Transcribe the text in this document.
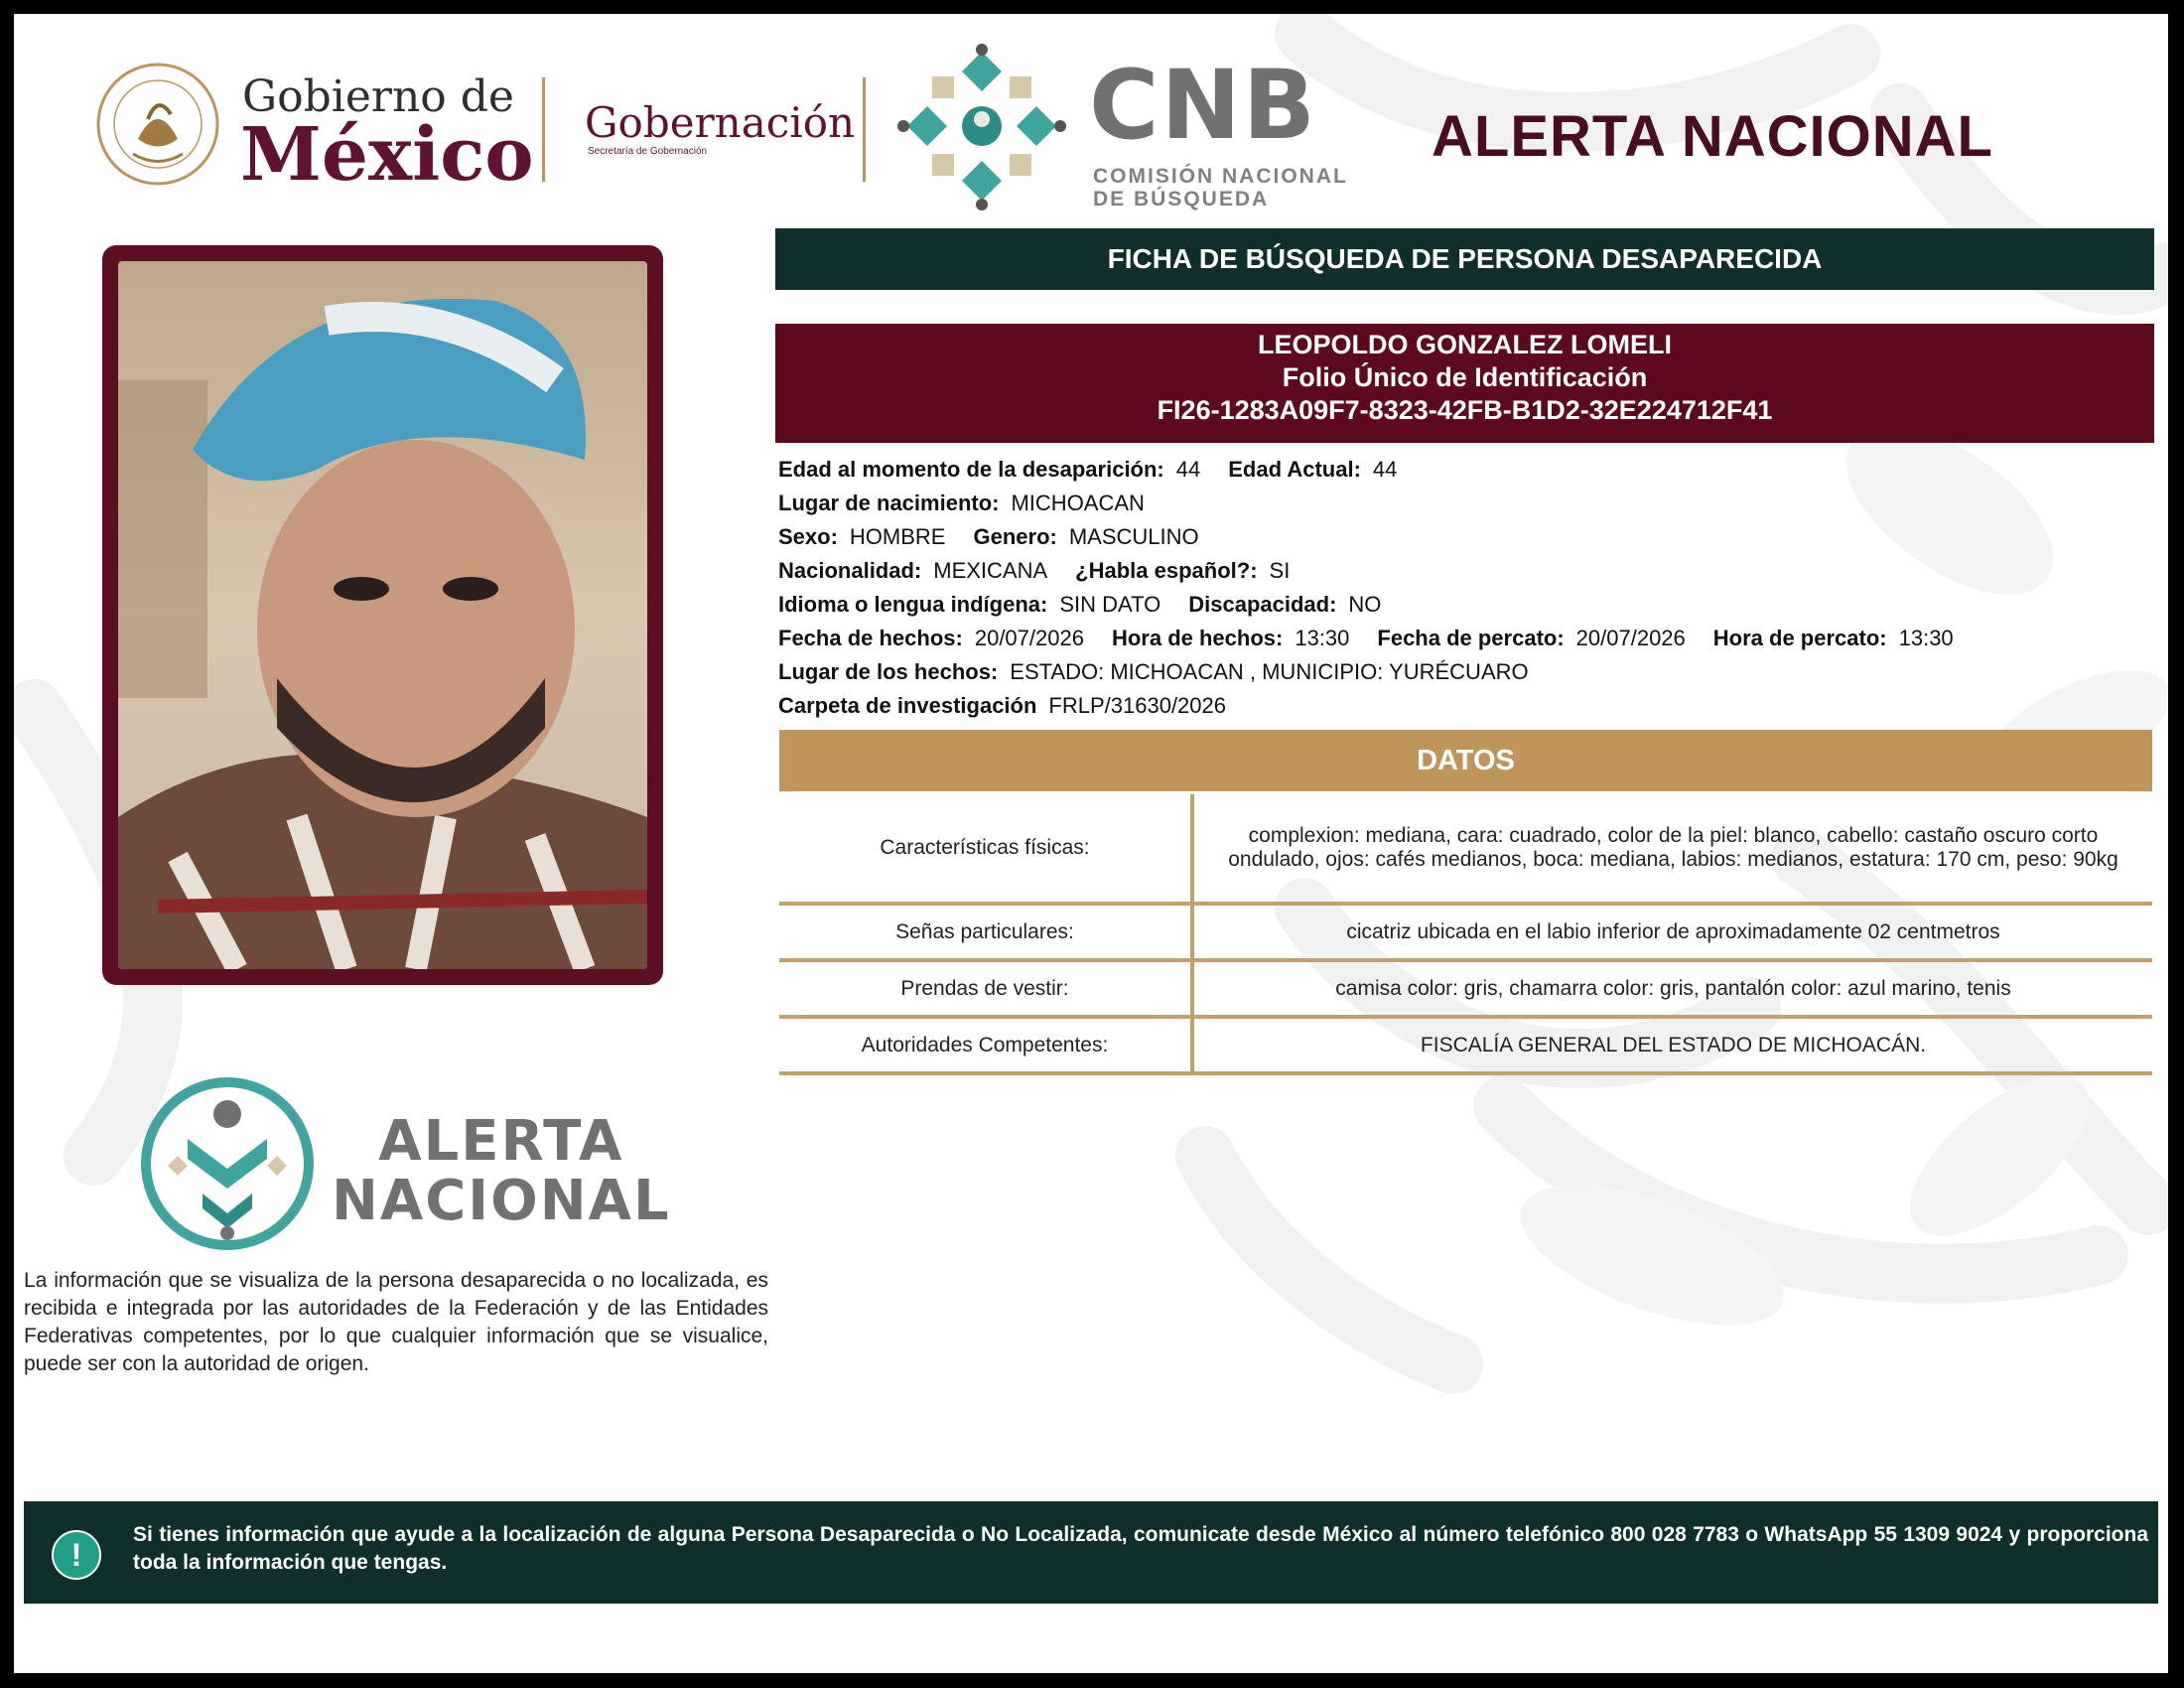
Gobierno de
México Gobernación
Secretaría de Gobernación	CNB
COMISIÓN NACIONAL
DE BÚSQUEDA
ALERTA NACIONAL
FICHA DE BÚSQUEDA DE PERSONA DESAPARECIDA
LEOPOLDO GONZALEZ LOMELI
Folio Único de Identificación
FI26-1283A09F7-8323-42FB-B1D2-32E224712F41
Edad al momento de la desaparición: 44 Edad Actual: 44
Lugar de nacimiento: MICHOACAN
Sexo: HOMBRE Genero: MASCULINO
Nacionalidad: MEXICANA ¿Habla español?: SI
Idioma o lengua indígena: SIN DATO Discapacidad: NO
Fecha de hechos: 20/07/2026 Hora de hechos: 13:30 Fecha de percato: 20/07/2026 Hora de percato: 13:30
Lugar de los hechos: ESTADO: MICHOACAN , MUNICIPIO: YURÉCUARO
Carpeta de investigación FRLP/31630/2026
DATOS
Características físicas:	complexion: mediana, cara: cuadrado, color de la piel: blanco, cabello: castaño oscuro corto ondulado, ojos: cafés medianos, boca: mediana, labios: medianos, estatura: 170 cm, peso: 90kg
Señas particulares:	cicatriz ubicada en el labio inferior de aproximadamente 02 centmetros
Prendas de vestir:	camisa color: gris, chamarra color: gris, pantalón color: azul marino, tenis
Autoridades Competentes:	FISCALÍA GENERAL DEL ESTADO DE MICHOACÁN.
ALERTA
NACIONAL
La información que se visualiza de la persona desaparecida o no localizada, es recibida e integrada por las autoridades de la Federación y de las Entidades Federativas competentes, por lo que cualquier información que se visualice, puede ser con la autoridad de origen.
!
Si tienes información que ayude a la localización de alguna Persona Desaparecida o No Localizada, comunicate desde México al número telefónico 800 028 7783 o WhatsApp 55 1309 9024 y proporciona toda la información que tengas.
